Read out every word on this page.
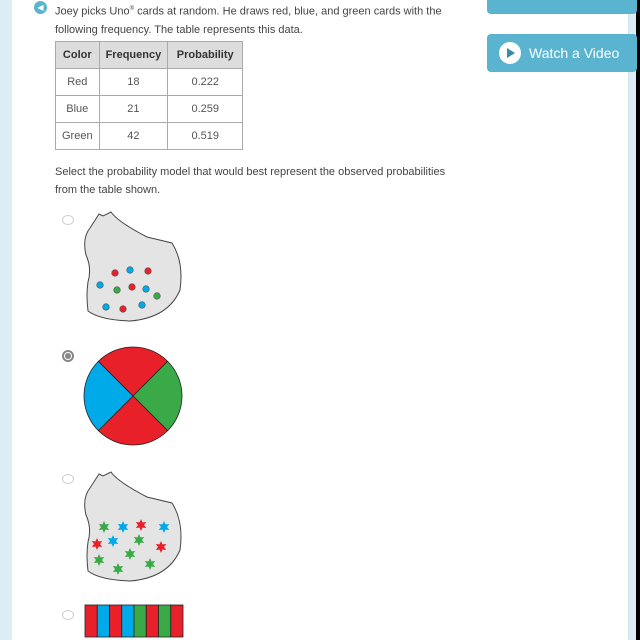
◀	Joey picks Uno® cards at random. He draws red, blue, and green cards with the following frequency. The table represents this data.
Color	Frequency	Probability
Red	18	0.222
Blue	21	0.259
Green	42	0.519
Select the probability model that would best represent the observed probabilities from the table shown.
Watch a Video
